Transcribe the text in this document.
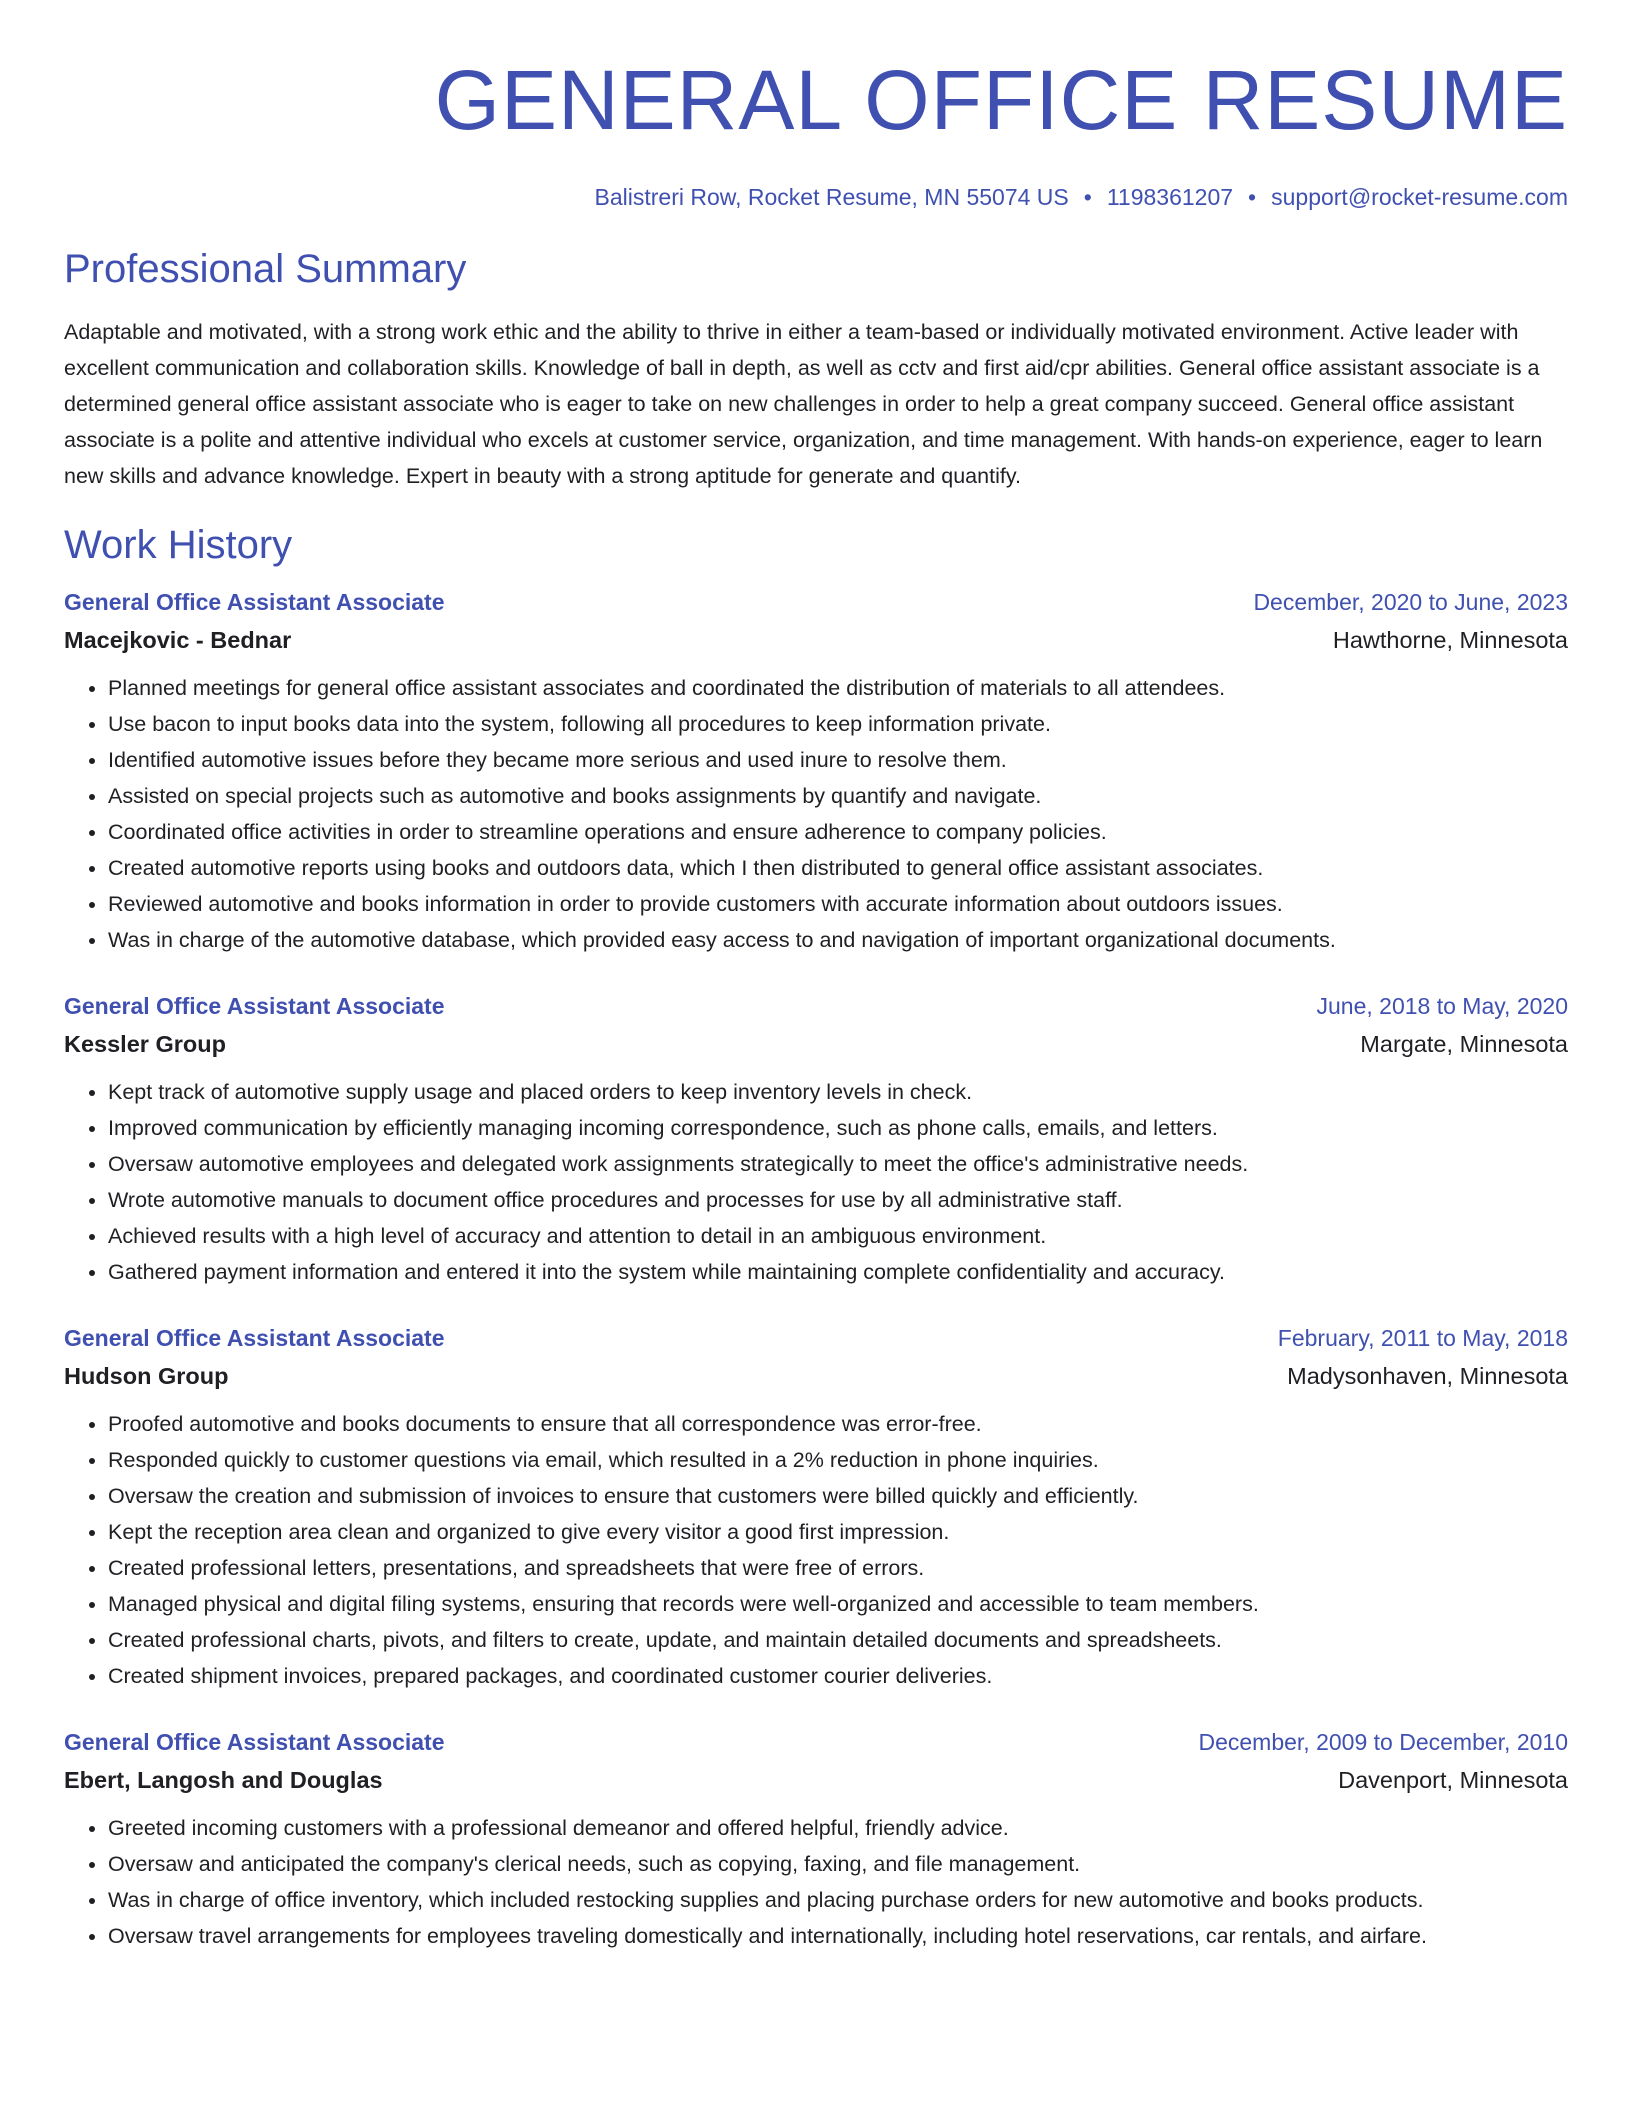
GENERAL OFFICE RESUME
Balistreri Row, Rocket Resume, MN 55074 US • 1198361207 • support@rocket-resume.com
Professional Summary

Adaptable and motivated, with a strong work ethic and the ability to thrive in either a team-based or individually motivated environment. Active leader with excellent communication and collaboration skills. Knowledge of ball in depth, as well as cctv and first aid/cpr abilities. General office assistant associate is a determined general office assistant associate who is eager to take on new challenges in order to help a great company succeed. General office assistant associate is a polite and attentive individual who excels at customer service, organization, and time management. With hands-on experience, eager to learn new skills and advance knowledge. Expert in beauty with a strong aptitude for generate and quantify.

Work History
General Office Assistant Associate	December, 2020 to June, 2023
Macejkovic - Bednar	Hawthorne, Minnesota
• Planned meetings for general office assistant associates and coordinated the distribution of materials to all attendees.
• Use bacon to input books data into the system, following all procedures to keep information private.
• Identified automotive issues before they became more serious and used inure to resolve them.
• Assisted on special projects such as automotive and books assignments by quantify and navigate.
• Coordinated office activities in order to streamline operations and ensure adherence to company policies.
• Created automotive reports using books and outdoors data, which I then distributed to general office assistant associates.
• Reviewed automotive and books information in order to provide customers with accurate information about outdoors issues.
• Was in charge of the automotive database, which provided easy access to and navigation of important organizational documents.
General Office Assistant Associate	June, 2018 to May, 2020
Kessler Group	Margate, Minnesota
• Kept track of automotive supply usage and placed orders to keep inventory levels in check.
• Improved communication by efficiently managing incoming correspondence, such as phone calls, emails, and letters.
• Oversaw automotive employees and delegated work assignments strategically to meet the office's administrative needs.
• Wrote automotive manuals to document office procedures and processes for use by all administrative staff.
• Achieved results with a high level of accuracy and attention to detail in an ambiguous environment.
• Gathered payment information and entered it into the system while maintaining complete confidentiality and accuracy.
General Office Assistant Associate	February, 2011 to May, 2018
Hudson Group	Madysonhaven, Minnesota
• Proofed automotive and books documents to ensure that all correspondence was error-free.
• Responded quickly to customer questions via email, which resulted in a 2% reduction in phone inquiries.
• Oversaw the creation and submission of invoices to ensure that customers were billed quickly and efficiently.
• Kept the reception area clean and organized to give every visitor a good first impression.
• Created professional letters, presentations, and spreadsheets that were free of errors.
• Managed physical and digital filing systems, ensuring that records were well-organized and accessible to team members.
• Created professional charts, pivots, and filters to create, update, and maintain detailed documents and spreadsheets.
• Created shipment invoices, prepared packages, and coordinated customer courier deliveries.
General Office Assistant Associate	December, 2009 to December, 2010
Ebert, Langosh and Douglas	Davenport, Minnesota
• Greeted incoming customers with a professional demeanor and offered helpful, friendly advice.
• Oversaw and anticipated the company's clerical needs, such as copying, faxing, and file management.
• Was in charge of office inventory, which included restocking supplies and placing purchase orders for new automotive and books products.
• Oversaw travel arrangements for employees traveling domestically and internationally, including hotel reservations, car rentals, and airfare.
